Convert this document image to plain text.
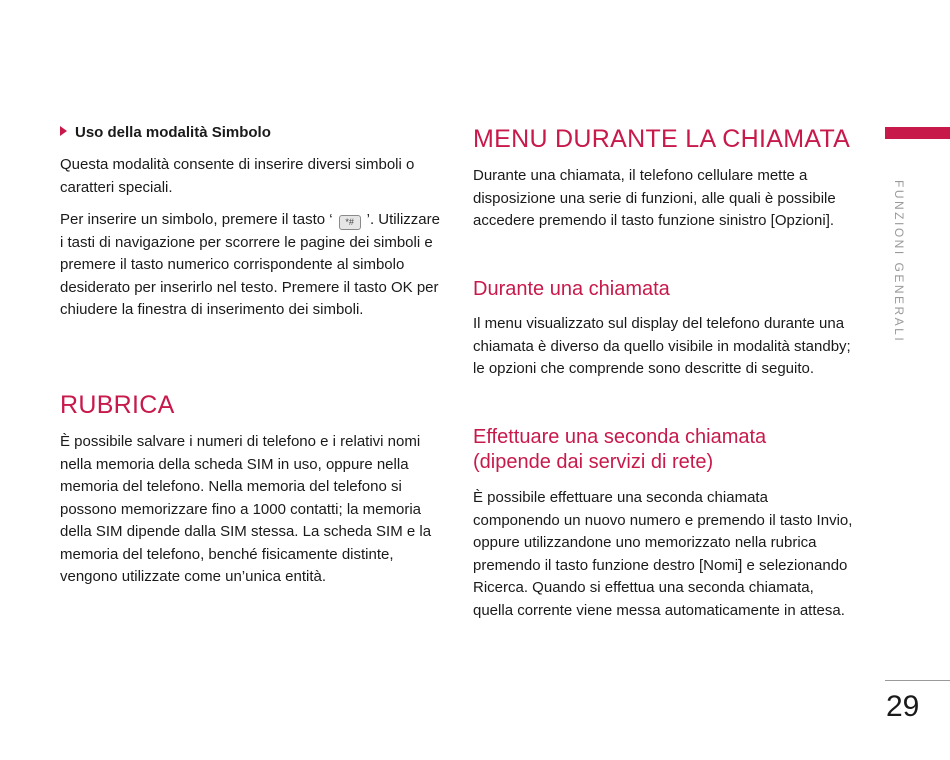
Uso della modalità Simbolo

Questa modalità consente di inserire diversi simboli o caratteri speciali.

Per inserire un simbolo, premere il tasto ‘ *# ’. Utilizzare i tasti di navigazione per scorrere le pagine dei simboli e premere il tasto numerico corrispondente al simbolo desiderato per inserirlo nel testo. Premere il tasto OK per chiudere la finestra di inserimento dei simboli.

RUBRICA

È possibile salvare i numeri di telefono e i relativi nomi nella memoria della scheda SIM in uso, oppure nella memoria del telefono. Nella memoria del telefono si possono memorizzare fino a 1000 contatti; la memoria della SIM dipende dalla SIM stessa. La scheda SIM e la memoria del telefono, benché fisicamente distinte, vengono utilizzate come un’unica entità.

MENU DURANTE LA CHIAMATA

Durante una chiamata, il telefono cellulare mette a disposizione una serie di funzioni, alle quali è possibile accedere premendo il tasto funzione sinistro [Opzioni].

Durante una chiamata

Il menu visualizzato sul display del telefono durante una chiamata è diverso da quello visibile in modalità standby; le opzioni che comprende sono descritte di seguito.

Effettuare una seconda chiamata (dipende dai servizi di rete)

È possibile effettuare una seconda chiamata componendo un nuovo numero e premendo il tasto Invio, oppure utilizzandone uno memorizzato nella rubrica premendo il tasto funzione destro [Nomi] e selezionando Ricerca. Quando si effettua una seconda chiamata, quella corrente viene messa automaticamente in attesa.

FUNZIONI GENERALI
29
